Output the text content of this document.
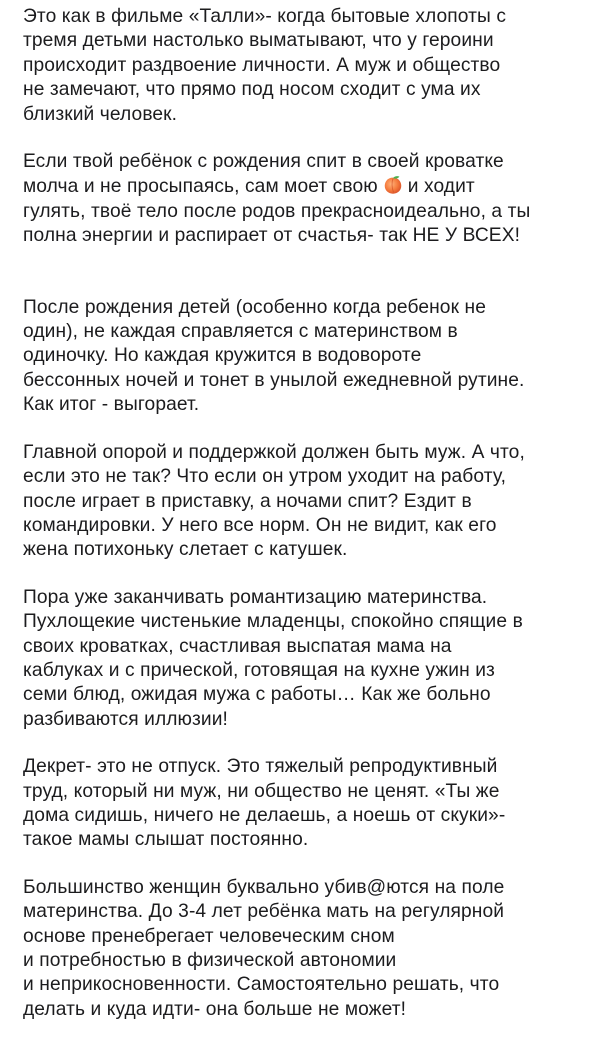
Это как в фильме «Талли»- когда бытовые хлопоты с
тремя детьми настолько выматывают, что у героини
происходит раздвоение личности. А муж и общество
не замечают, что прямо под носом сходит с ума их
близкий человек.

Если твой ребёнок с рождения спит в своей кроватке
молча и не просыпаясь, сам моет свою и ходит
гулять, твоё тело после родов прекрасноидеально, а ты
полна энергии и распирает от счастья- так НЕ У ВСЕХ!

После рождения детей (особенно когда ребенок не
один), не каждая справляется с материнством в
одиночку. Но каждая кружится в водовороте
бессонных ночей и тонет в унылой ежедневной рутине.
Как итог - выгорает.

Главной опорой и поддержкой должен быть муж. А что,
если это не так? Что если он утром уходит на работу,
после играет в приставку, а ночами спит? Ездит в
командировки. У него все норм. Он не видит, как его
жена потихоньку слетает с катушек.

Пора уже заканчивать романтизацию материнства.
Пухлощекие чистенькие младенцы, спокойно спящие в
своих кроватках, счастливая выспатая мама на
каблуках и с прической, готовящая на кухне ужин из
семи блюд, ожидая мужа с работы… Как же больно
разбиваются иллюзии!

Декрет- это не отпуск. Это тяжелый репродуктивный
труд, который ни муж, ни общество не ценят. «Ты же
дома сидишь, ничего не делаешь, а ноешь от скуки»-
такое мамы слышат постоянно.

Большинство женщин буквально убив@ются на поле
материнства. До 3-4 лет ребёнка мать на регулярной
основе пренебрегает человеческим сном
и потребностью в физической автономии
и неприкосновенности. Самостоятельно решать, что
делать и куда идти- она больше не может!
